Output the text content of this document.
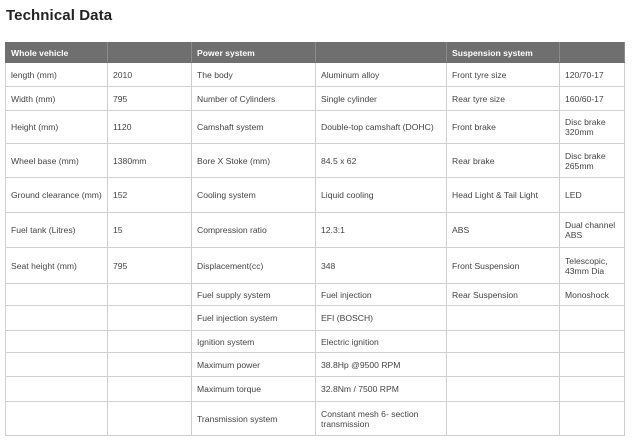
Technical Data
Whole vehicle		Power system		Suspension system	
length (mm)	2010	The body	Aluminum alloy	Front tyre size	120/70-17
Width (mm)	795	Number of Cylinders	Single cylinder	Rear tyre size	160/60-17
Height (mm)	1120	Camshaft system	Double-top camshaft (DOHC)	Front brake	Disc brake 320mm
Wheel base (mm)	1380mm	Bore X Stoke (mm)	84.5 x 62	Rear brake	Disc brake 265mm
Ground clearance (mm)	152	Cooling system	Liquid cooling	Head Light & Tail Light	LED
Fuel tank (Litres)	15	Compression ratio	12.3:1	ABS	Dual channel ABS
Seat height (mm)	795	Displacement(cc)	348	Front Suspension	Telescopic, 43mm Dia
		Fuel supply system	Fuel injection	Rear Suspension	Monoshock
		Fuel injection system	EFI (BOSCH)		
		Ignition system	Electric ignition		
		Maximum power	38.8Hp @9500 RPM		
		Maximum torque	32.8Nm / 7500 RPM		
		Transmission system	Constant mesh 6- section transmission		
